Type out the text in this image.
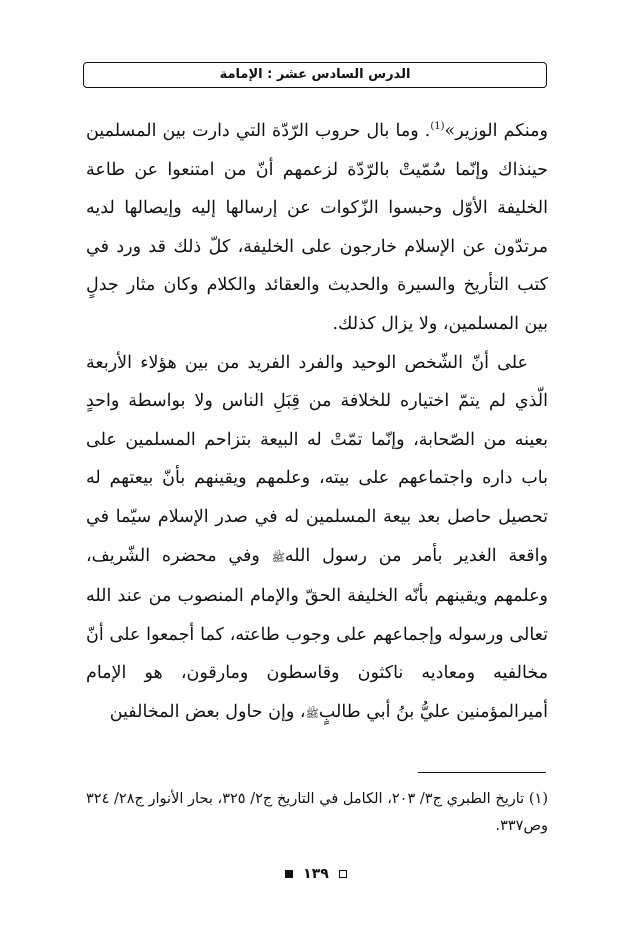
الدرس السادس عشر : الإمامة

ومنكم الوزير»$^{(1)}$. وما بال حروب الرّدّة التي دارت بين المسلمين حينذاك وإنّما سُمّيتْ بالرّدّة لزعمهم أنّ من امتنعوا عن طاعة الخليفة الأوّل وحبسوا الزّكوات عن إرسالها إليه وإيصالها لديه مرتدّون عن الإسلام خارجون على الخليفة، كلّ ذلك قد ورد في كتب التأريخ والسيرة والحديث والعقائد والكلام وكان مثار جدلٍ بين المسلمين، ولا يزال كذلك.

على أنّ الشّخص الوحيد والفرد الفريد من بين هؤلاء الأربعة الّذي لم يتمّ اختياره للخلافة من قِبَلِ الناس ولا بواسطة واحدٍ بعينه من الصّحابة، وإنّما تمّتْ له البيعة بتزاحم المسلمين على باب داره واجتماعهم على بيته، وعلمهم ويقينهم بأنّ بيعتهم له تحصيل حاصل بعد بيعة المسلمين له في صدر الإسلام سيّما في واقعة الغدير بأمر من رسول اللهﷺ وفي محضره الشّريف، وعلمهم ويقينهم بأنّه الخليفة الحقّ والإمام المنصوب من عند الله تعالى ورسوله وإجماعهم على وجوب طاعته، كما أجمعوا على أنّ مخالفيه ومعاديه ناكثون وقاسطون ومارقون، هو الإمام أميرالمؤمنين عليُّ بنُ أبي طالبٍﷺ، وإن حاول بعض المخالفين

(١) تاريخ الطبري ج٣/ ٢٠٣، الكامل في التاريخ ج٢/ ٣٢٥، بحار الأنوار ج٢٨/ ٣٢٤ وص٣٣٧.
١٣٩
